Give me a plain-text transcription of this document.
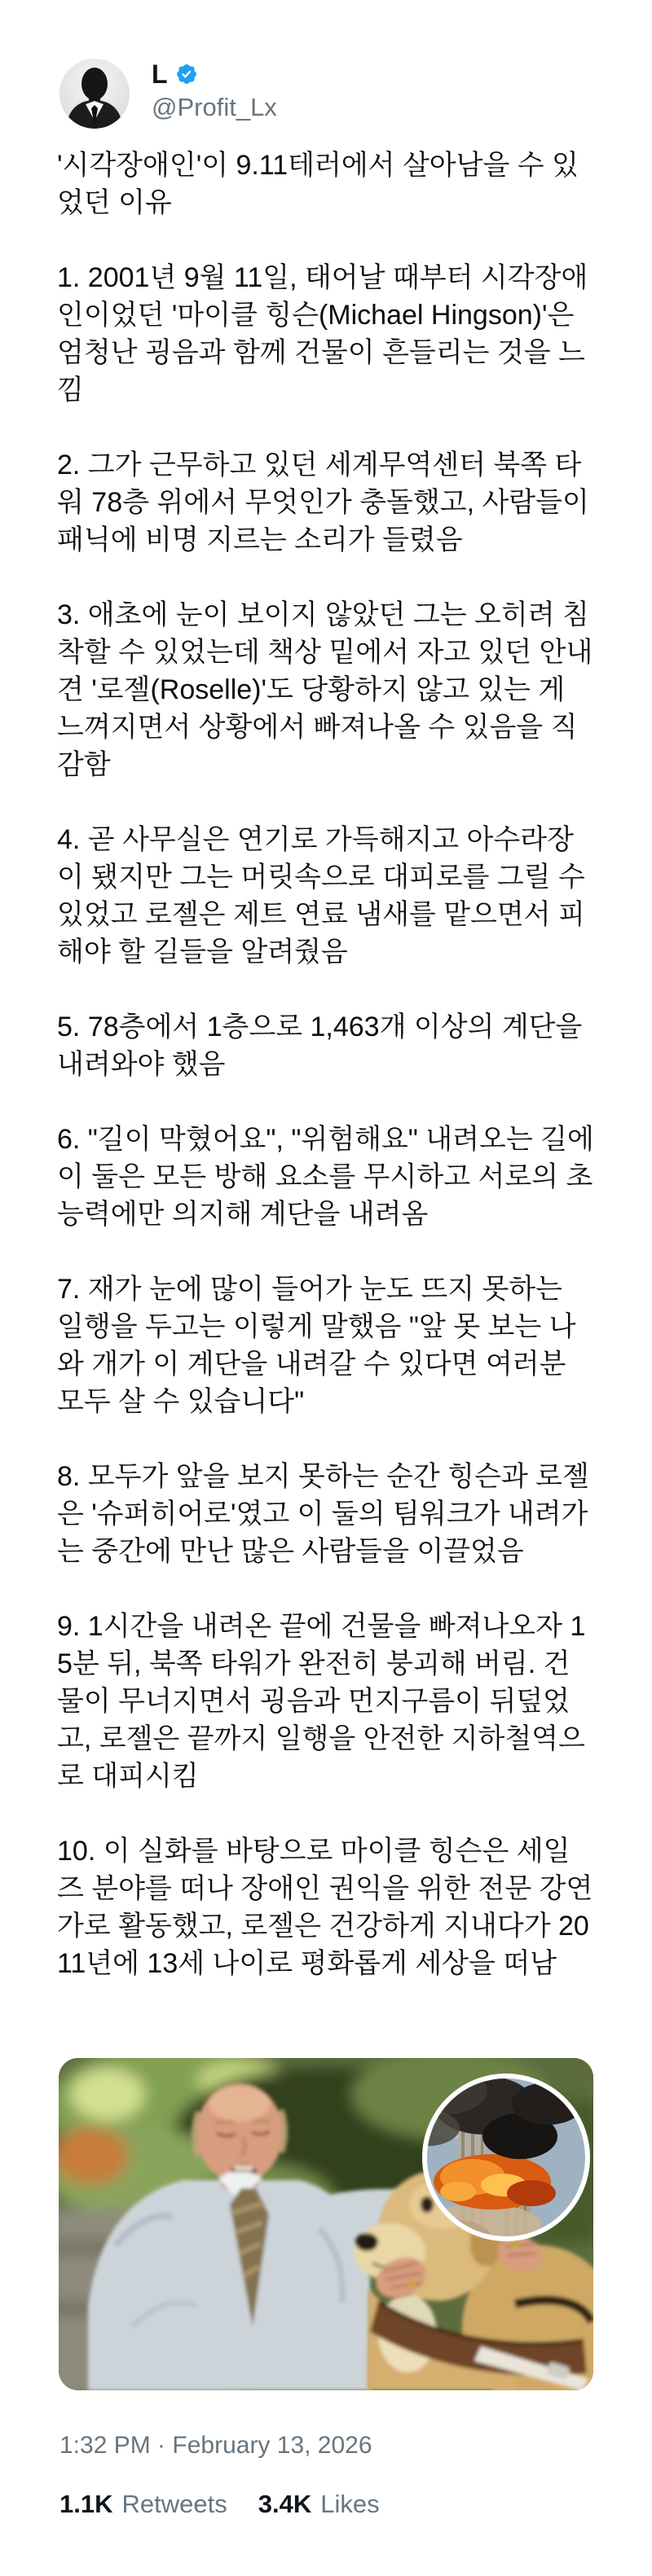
L
@Profit_Lx

'시각장애인'이 9.11테러에서 살아남을 수 있었던 이유

1. 2001년 9월 11일, 태어날 때부터 시각장애인이었던 '마이클 힝슨(Michael Hingson)'은 엄청난 굉음과 함께 건물이 흔들리는 것을 느낌

2. 그가 근무하고 있던 세계무역센터 북쪽 타워 78층 위에서 무엇인가 충돌했고, 사람들이 패닉에 비명 지르는 소리가 들렸음

3. 애초에 눈이 보이지 않았던 그는 오히려 침착할 수 있었는데 책상 밑에서 자고 있던 안내견 '로젤(Roselle)'도 당황하지 않고 있는 게 느껴지면서 상황에서 빠져나올 수 있음을 직감함

4. 곧 사무실은 연기로 가득해지고 아수라장이 됐지만 그는 머릿속으로 대피로를 그릴 수 있었고 로젤은 제트 연료 냄새를 맡으면서 피해야 할 길들을 알려줬음

5. 78층에서 1층으로 1,463개 이상의 계단을 내려와야 했음

6. "길이 막혔어요", "위험해요" 내려오는 길에 이 둘은 모든 방해 요소를 무시하고 서로의 초능력에만 의지해 계단을 내려옴

7. 재가 눈에 많이 들어가 눈도 뜨지 못하는 일행을 두고는 이렇게 말했음 "앞 못 보는 나와 개가 이 계단을 내려갈 수 있다면 여러분 모두 살 수 있습니다"

8. 모두가 앞을 보지 못하는 순간 힝슨과 로젤은 '슈퍼히어로'였고 이 둘의 팀워크가 내려가는 중간에 만난 많은 사람들을 이끌었음

9. 1시간을 내려온 끝에 건물을 빠져나오자 15분 뒤, 북쪽 타워가 완전히 붕괴해 버림. 건물이 무너지면서 굉음과 먼지구름이 뒤덮었고, 로젤은 끝까지 일행을 안전한 지하철역으로 대피시킴

10. 이 실화를 바탕으로 마이클 힝슨은 세일즈 분야를 떠나 장애인 권익을 위한 전문 강연가로 활동했고, 로젤은 건강하게 지내다가 2011년에 13세 나이로 평화롭게 세상을 떠남

1:32 PM · February 13, 2026
1.1K Retweets 3.4K Likes
